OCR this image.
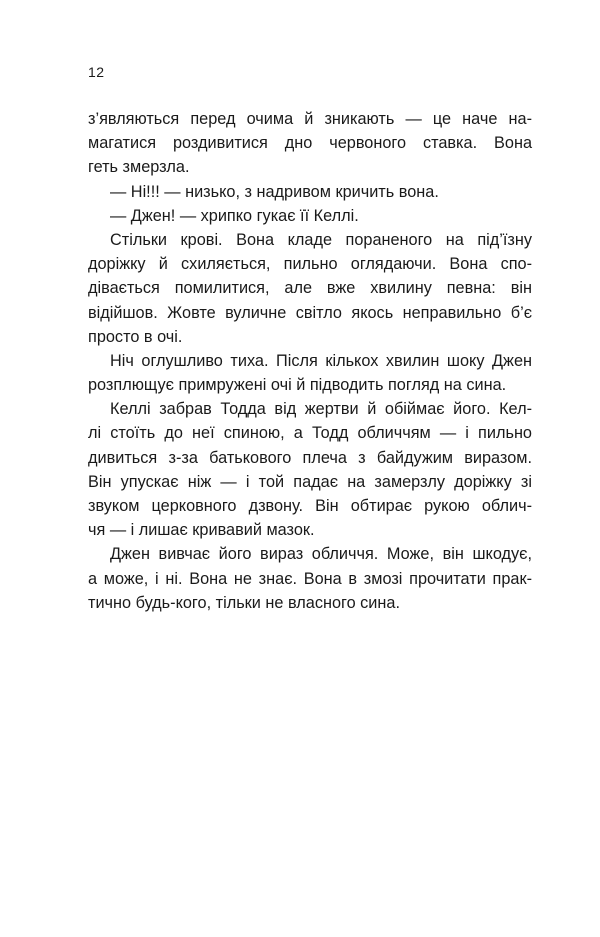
12
з’являються перед очима й зникають — це наче на-
магатися роздивитися дно червоного ставка. Вона
геть змерзла.
— Ні!!! — низько, з надривом кричить вона.
— Джен! — хрипко гукає її Келлі.
Стільки крові. Вона кладе пораненого на під’їзну
доріжку й схиляється, пильно оглядаючи. Вона спо-
дівається помилитися, але вже хвилину певна: він
відійшов. Жовте вуличне світло якось неправильно б’є
просто в очі.
Ніч оглушливо тиха. Після кількох хвилин шоку Джен
розплющує примружені очі й підводить погляд на сина.
Келлі забрав Тодда від жертви й обіймає його. Кел-
лі стоїть до неї спиною, а Тодд обличчям — і пильно
дивиться з-за батькового плеча з байдужим виразом.
Він упускає ніж — і той падає на замерзлу доріжку зі
звуком церковного дзвону. Він обтирає рукою облич-
чя — і лишає кривавий мазок.
Джен вивчає його вираз обличчя. Може, він шкодує,
а може, і ні. Вона не знає. Вона в змозі прочитати прак-
тично будь-кого, тільки не власного сина.
